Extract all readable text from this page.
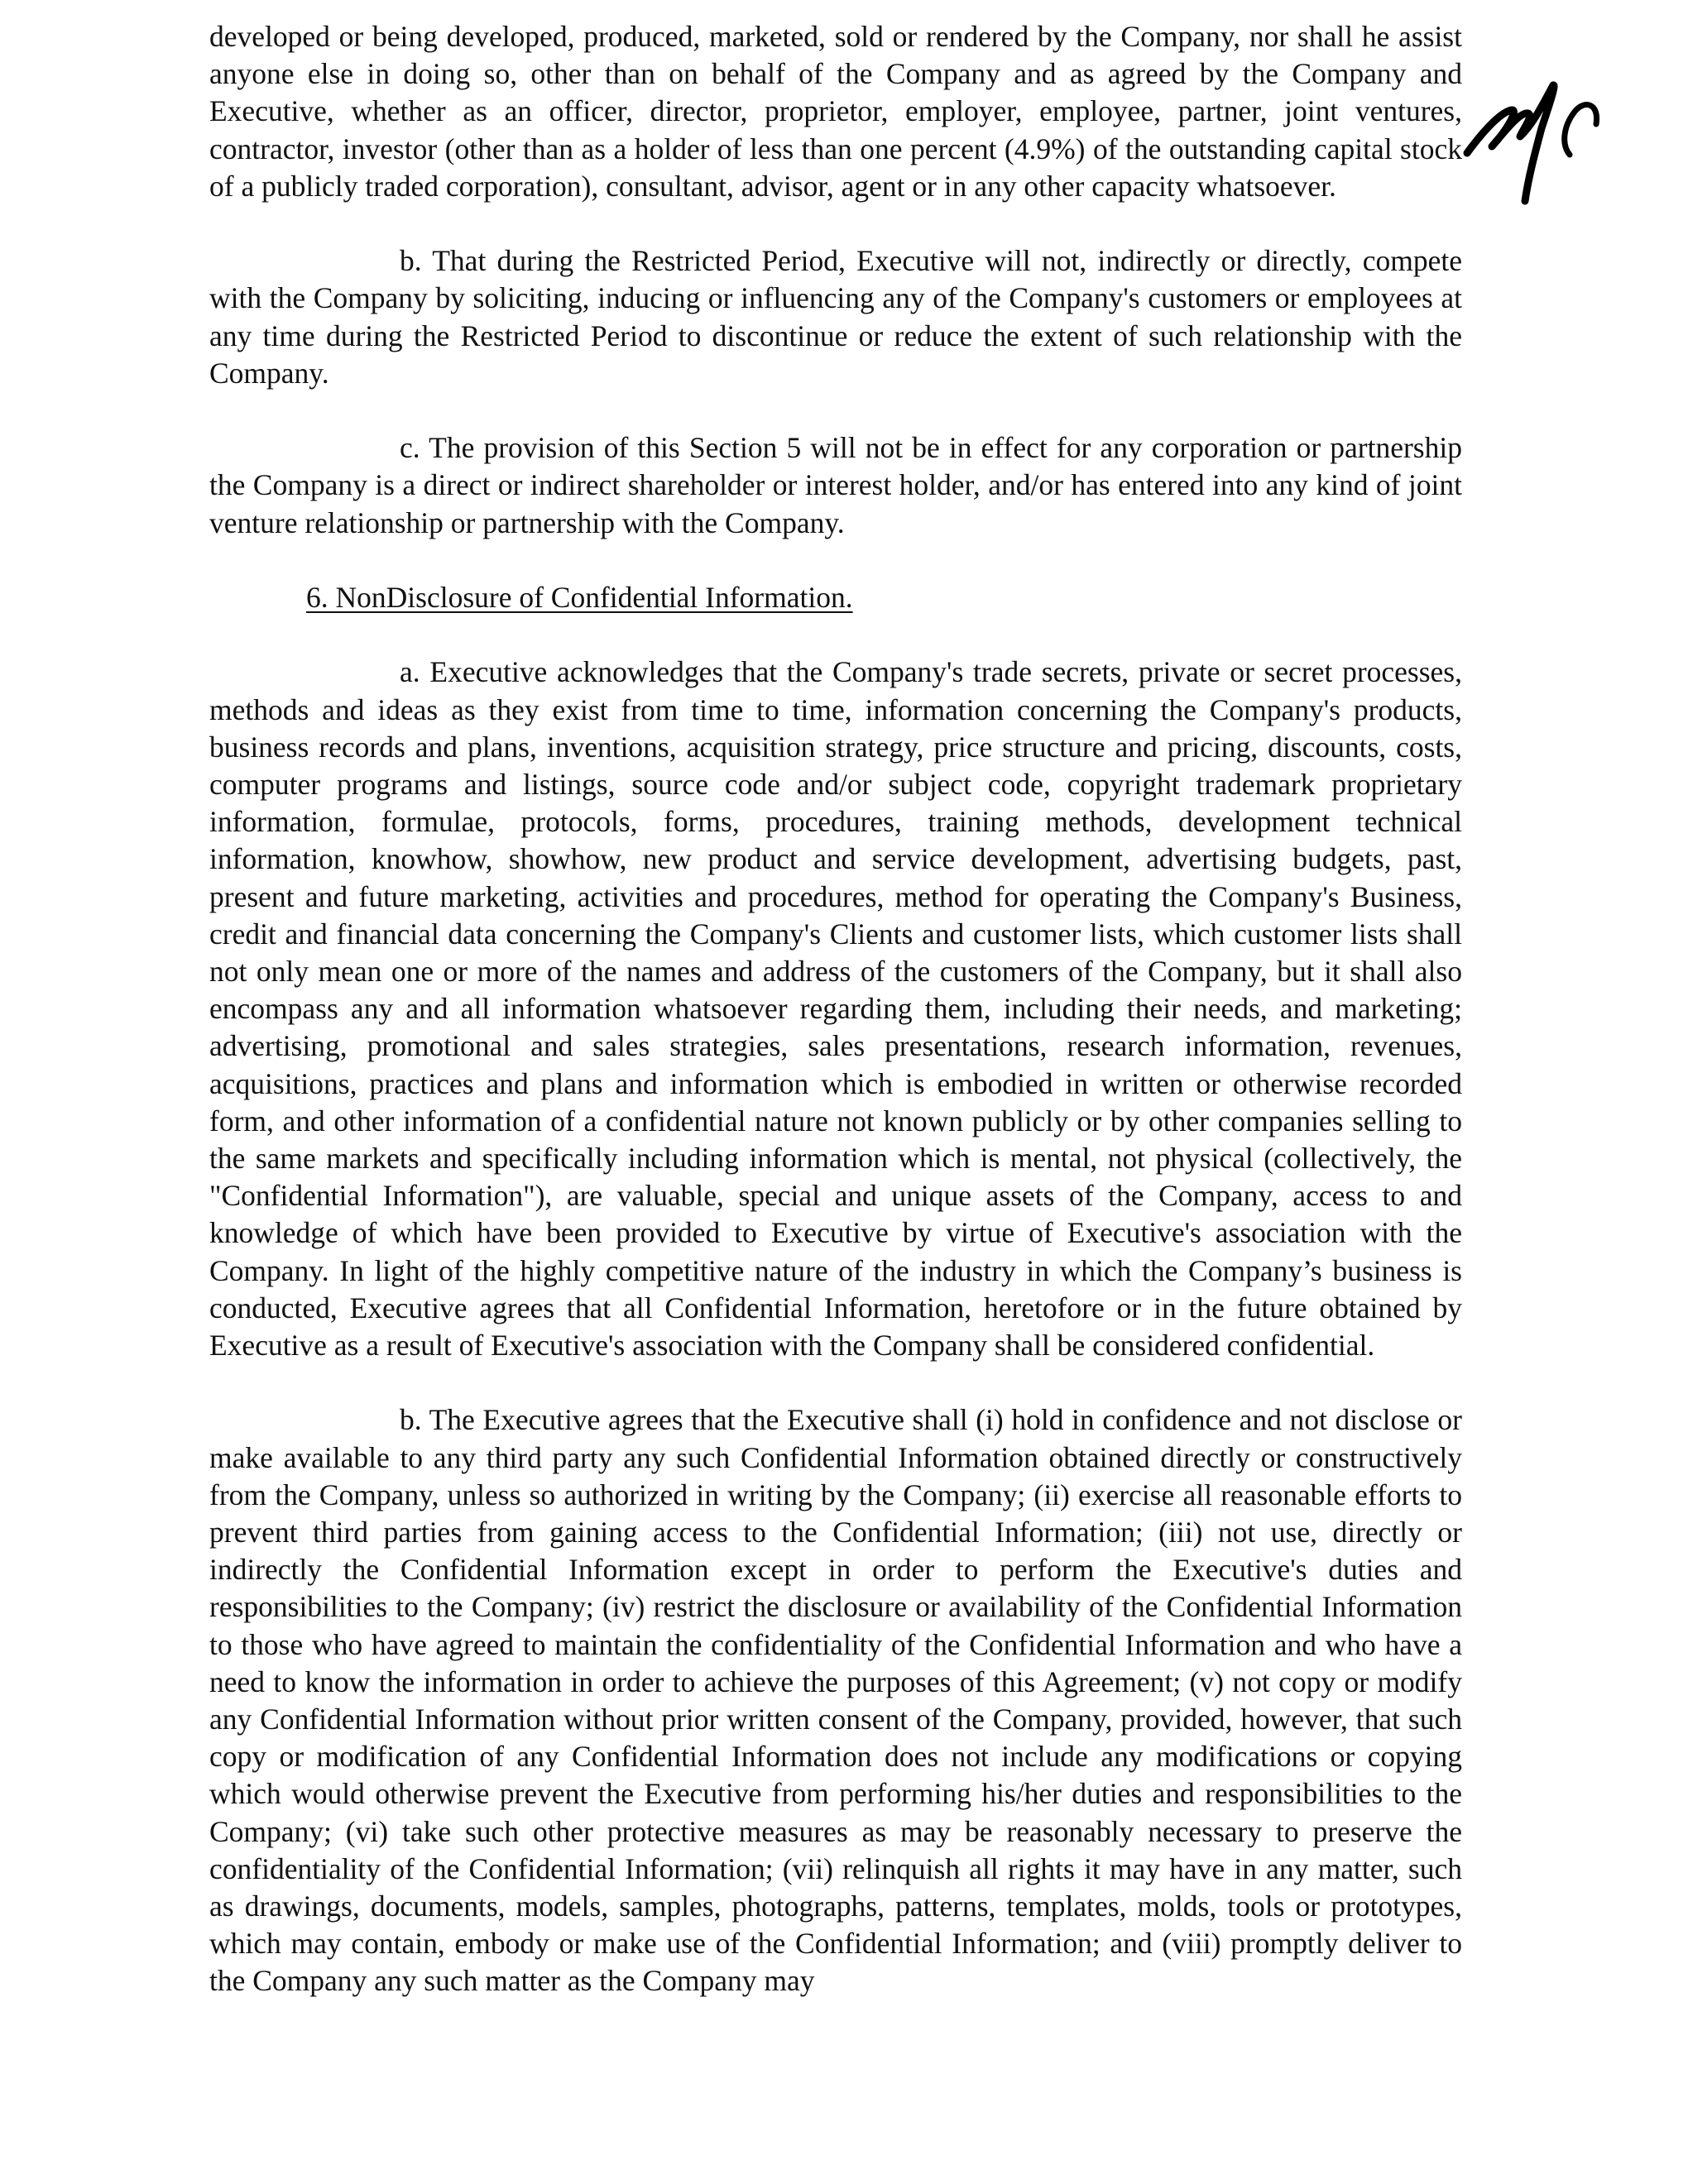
developed or being developed, produced, marketed, sold or rendered by the Company, nor shall he assist anyone else in doing so, other than on behalf of the Company and as agreed by the Company and Executive, whether as an officer, director, proprietor, employer, employee, partner, joint ventures, contractor, investor (other than as a holder of less than one percent (4.9%) of the outstanding capital stock of a publicly traded corporation), consultant, advisor, agent or in any other capacity whatsoever.

b. That during the Restricted Period, Executive will not, indirectly or directly, compete with the Company by soliciting, inducing or influencing any of the Company's customers or employees at any time during the Restricted Period to discontinue or reduce the extent of such relationship with the Company.

c. The provision of this Section 5 will not be in effect for any corporation or partnership the Company is a direct or indirect shareholder or interest holder, and/or has entered into any kind of joint venture relationship or partnership with the Company.

6. NonDisclosure of Confidential Information.

a. Executive acknowledges that the Company's trade secrets, private or secret processes, methods and ideas as they exist from time to time, information concerning the Company's products, business records and plans, inventions, acquisition strategy, price structure and pricing, discounts, costs, computer programs and listings, source code and/or subject code, copyright trademark proprietary information, formulae, protocols, forms, procedures, training methods, development technical information, knowhow, showhow, new product and service development, advertising budgets, past, present and future marketing, activities and procedures, method for operating the Company's Business, credit and financial data concerning the Company's Clients and customer lists, which customer lists shall not only mean one or more of the names and address of the customers of the Company, but it shall also encompass any and all information whatsoever regarding them, including their needs, and marketing; advertising, promotional and sales strategies, sales presentations, research information, revenues, acquisitions, practices and plans and information which is embodied in written or otherwise recorded form, and other information of a confidential nature not known publicly or by other companies selling to the same markets and specifically including information which is mental, not physical (collectively, the "Confidential Information"), are valuable, special and unique assets of the Company, access to and knowledge of which have been provided to Executive by virtue of Executive's association with the Company. In light of the highly competitive nature of the industry in which the Company’s business is conducted, Executive agrees that all Confidential Information, heretofore or in the future obtained by Executive as a result of Executive's association with the Company shall be considered confidential.

b. The Executive agrees that the Executive shall (i) hold in confidence and not disclose or make available to any third party any such Confidential Information obtained directly or constructively from the Company, unless so authorized in writing by the Company; (ii) exercise all reasonable efforts to prevent third parties from gaining access to the Confidential Information; (iii) not use, directly or indirectly the Confidential Information except in order to perform the Executive's duties and responsibilities to the Company; (iv) restrict the disclosure or availability of the Confidential Information to those who have agreed to maintain the confidentiality of the Confidential Information and who have a need to know the information in order to achieve the purposes of this Agreement; (v) not copy or modify any Confidential Information without prior written consent of the Company, provided, however, that such copy or modification of any Confidential Information does not include any modifications or copying which would otherwise prevent the Executive from performing his/her duties and responsibilities to the Company; (vi) take such other protective measures as may be reasonably necessary to preserve the confidentiality of the Confidential Information; (vii) relinquish all rights it may have in any matter, such as drawings, documents, models, samples, photographs, patterns, templates, molds, tools or prototypes, which may contain, embody or make use of the Confidential Information; and (viii) promptly deliver to the Company any such matter as the Company may
